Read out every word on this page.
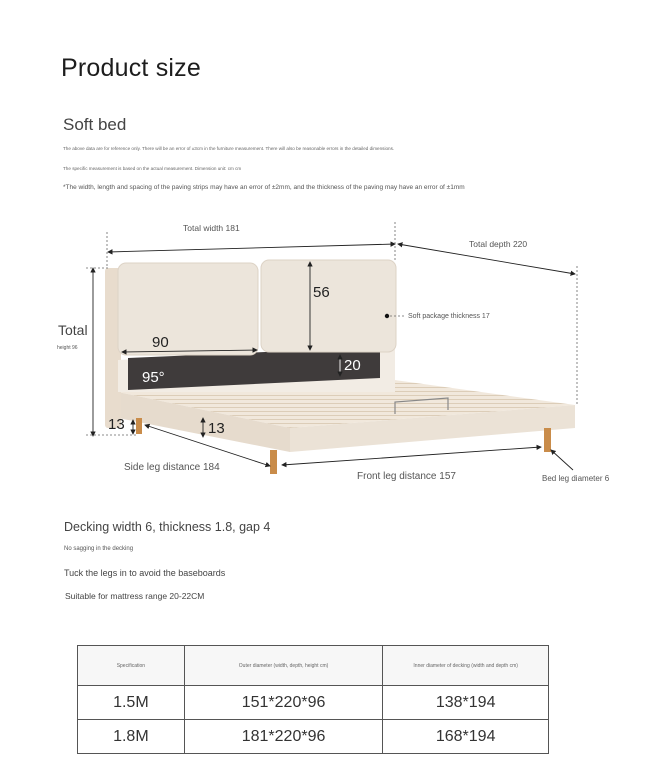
Product size
Soft bed
The above data are for reference only. There will be an error of ±3cm in the furniture measurement. There will also be reasonable errors in the detailed dimensions.
The specific measurement is based on the actual measurement. Dimension unit: cm cm
*The width, length and spacing of the paving strips may have an error of ±2mm, and the thickness of the paving may have an error of ±1mm
Total width 181
Total depth 220
Total
height 96
56
90
Soft package thickness 17
20
95°
13	13
Side leg distance 184
Front leg distance 157	Bed leg diameter 6
Decking width 6, thickness 1.8, gap 4
No sagging in the decking
Tuck the legs in to avoid the baseboards
Suitable for mattress range 20-22CM
Specification	Outer diameter (width, depth, height cm)	Inner diameter of decking (width and depth cm)
1.5M	151*220*96	138*194
1.8M	181*220*96	168*194
